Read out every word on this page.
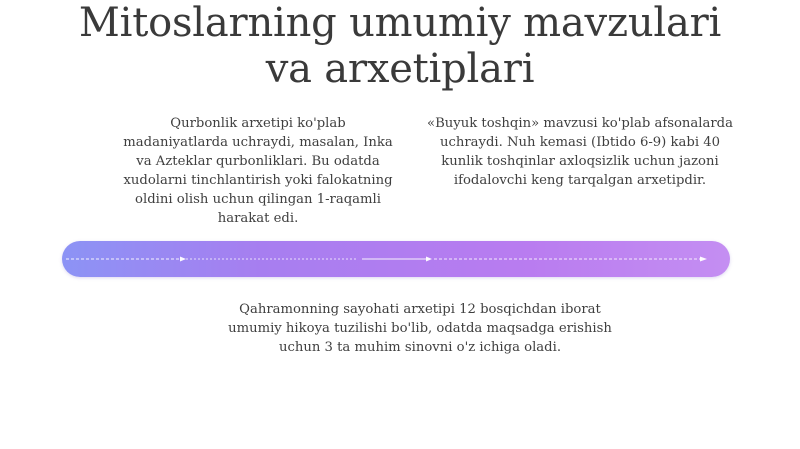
Mitoslarning umumiy mavzulari
va arxetiplari
Qurbonlik arxetipi ko'plab madaniyatlarda uchraydi, masalan, Inka va Azteklar qurbonliklari. Bu odatda xudolarni tinchlantirish yoki falokatning oldini olish uchun qilingan 1-raqamli harakat edi.
«Buyuk toshqin» mavzusi ko'plab afsonalarda uchraydi. Nuh kemasi (Ibtido 6-9) kabi 40 kunlik toshqinlar axloqsizlik uchun jazoni ifodalovchi keng tarqalgan arxetipdir.
Qahramonning sayohati arxetipi 12 bosqichdan iborat umumiy hikoya tuzilishi bo'lib, odatda maqsadga erishish uchun 3 ta muhim sinovni o'z ichiga oladi.
